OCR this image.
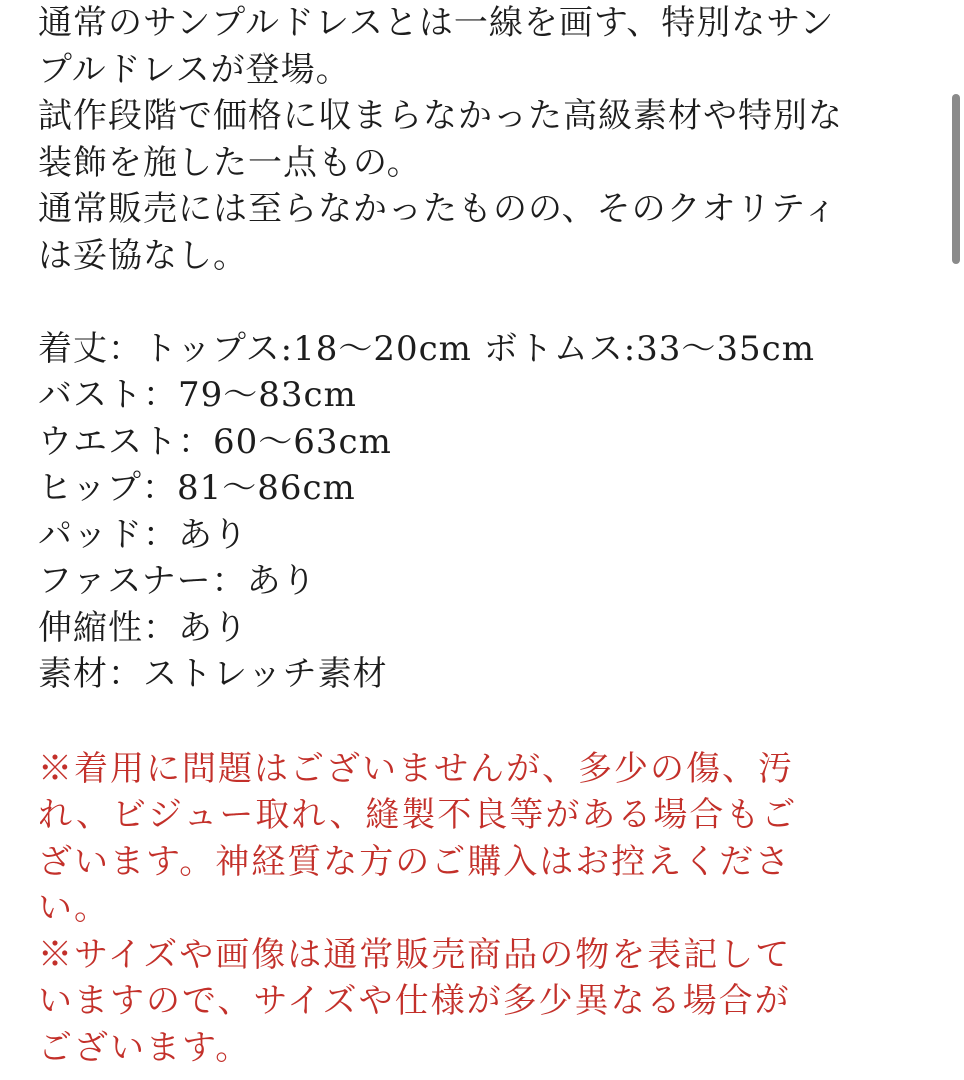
通常のサンプルドレスとは一線を画す、特別なサン
プルドレスが登場。
試作段階で価格に収まらなかった高級素材や特別な
装飾を施した一点もの。
通常販売には至らなかったものの、そのクオリティ
は妥協なし。
着丈：トップス:18〜20cm ボトムス:33〜35cm
バスト：79〜83cm
ウエスト：60〜63cm
ヒップ：81〜86cm
パッド：あり
ファスナー：あり
伸縮性：あり
素材：ストレッチ素材
※着用に問題はございませんが、多少の傷、汚
れ、ビジュー取れ、縫製不良等がある場合もご
ざいます。神経質な方のご購入はお控えくださ
い。
※サイズや画像は通常販売商品の物を表記して
いますので、サイズや仕様が多少異なる場合が
ございます。
